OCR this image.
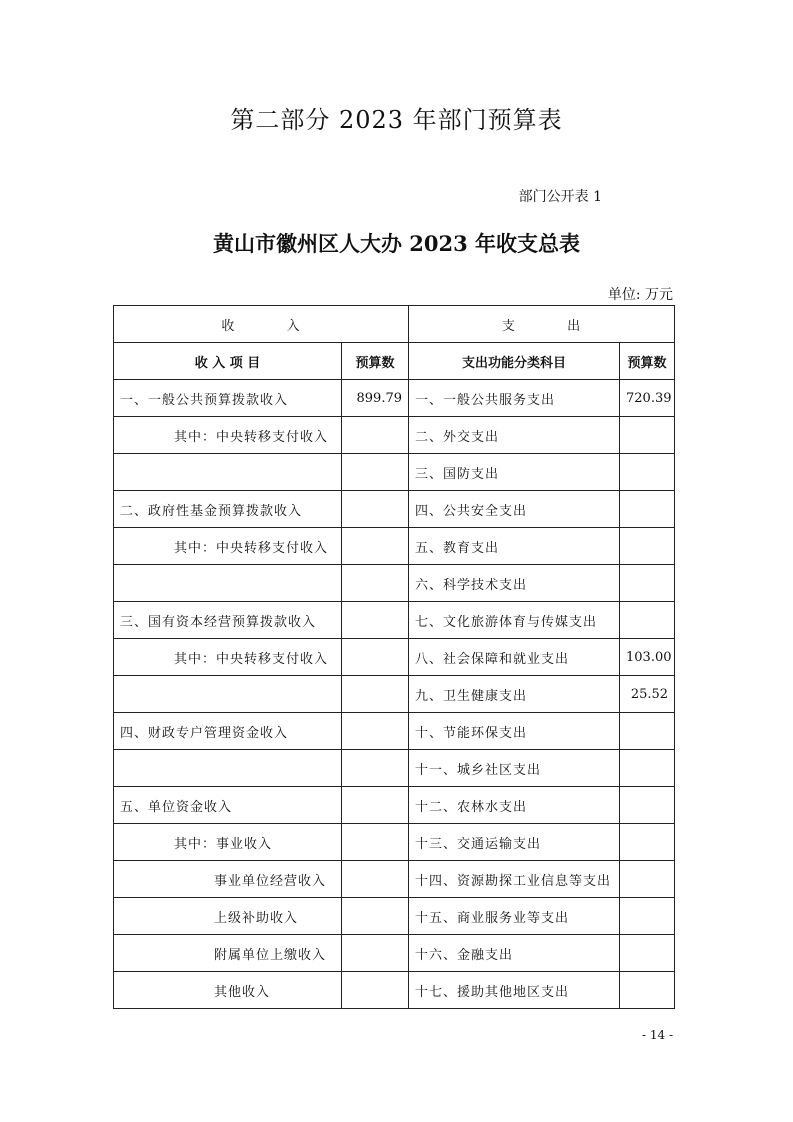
第二部分 2023 年部门预算表
部门公开表 1
黄山市徽州区人大办 2023 年收支总表
单位: 万元
收          入		支          出	
收 入 项 目	预算数	支出功能分类科目	预算数
一、一般公共预算拨款收入	899.79	一、一般公共服务支出	720.39
其中：中央转移支付收入		二、外交支出	
		三、国防支出	
二、政府性基金预算拨款收入		四、公共安全支出	
其中：中央转移支付收入		五、教育支出	
		六、科学技术支出	
三、国有资本经营预算拨款收入		七、文化旅游体育与传媒支出	
其中：中央转移支付收入		八、社会保障和就业支出	103.00
		九、卫生健康支出	25.52
四、财政专户管理资金收入		十、节能环保支出	
		十一、城乡社区支出	
五、单位资金收入		十二、农林水支出	
其中：事业收入		十三、交通运输支出	
事业单位经营收入		十四、资源勘探工业信息等支出	
上级补助收入		十五、商业服务业等支出	
附属单位上缴收入		十六、金融支出	
其他收入		十七、援助其他地区支出	
- 14 -
